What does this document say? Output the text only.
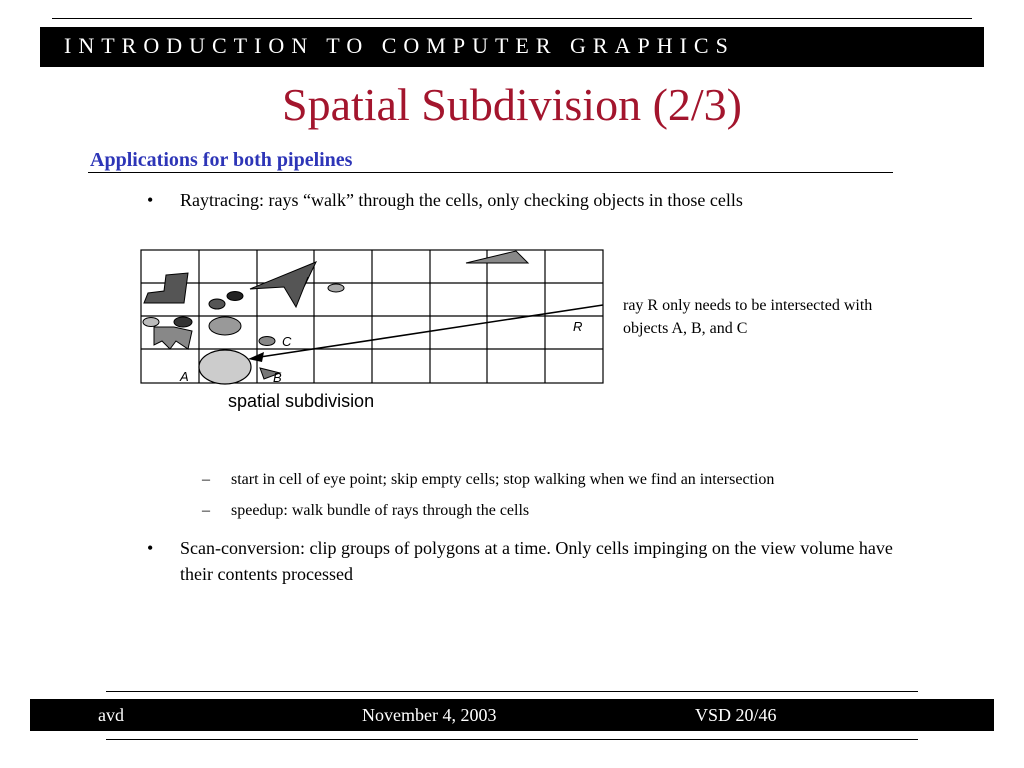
INTRODUCTION TO COMPUTER GRAPHICS
Spatial Subdivision (2/3)
Applications for both pipelines
• Raytracing: rays “walk” through the cells, only checking objects in those cells
A	B
C
R
spatial subdivision
ray R only needs to be intersected with objects A, B, and C
– start in cell of eye point; skip empty cells; stop walking when we find an intersection
– speedup: walk bundle of rays through the cells
• Scan-conversion: clip groups of polygons at a time. Only cells impinging on the view volume have their contents processed
avd	November 4, 2003	VSD 20/46
